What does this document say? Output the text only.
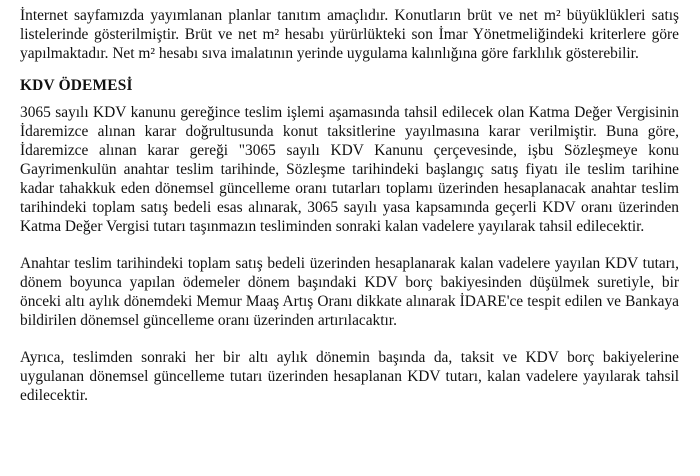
İnternet sayfamızda yayımlanan planlar tanıtım amaçlıdır. Konutların brüt ve net m² büyüklükleri satış listelerinde gösterilmiştir. Brüt ve net m² hesabı yürürlükteki son İmar Yönetmeliğindeki kriterlere göre yapılmaktadır. Net m² hesabı sıva imalatının yerinde uygulama kalınlığına göre farklılık gösterebilir.

KDV ÖDEMESİ

3065 sayılı KDV kanunu gereğince teslim işlemi aşamasında tahsil edilecek olan Katma Değer Vergisinin İdaremizce alınan karar doğrultusunda konut taksitlerine yayılmasına karar verilmiştir. Buna göre, İdaremizce alınan karar gereği "3065 sayılı KDV Kanunu çerçevesinde, işbu Sözleşmeye konu Gayrimenkulün anahtar teslim tarihinde, Sözleşme tarihindeki başlangıç satış fiyatı ile teslim tarihine kadar tahakkuk eden dönemsel güncelleme oranı tutarları toplamı üzerinden hesaplanacak anahtar teslim tarihindeki toplam satış bedeli esas alınarak, 3065 sayılı yasa kapsamında geçerli KDV oranı üzerinden Katma Değer Vergisi tutarı taşınmazın tesliminden sonraki kalan vadelere yayılarak tahsil edilecektir.

Anahtar teslim tarihindeki toplam satış bedeli üzerinden hesaplanarak kalan vadelere yayılan KDV tutarı, dönem boyunca yapılan ödemeler dönem başındaki KDV borç bakiyesinden düşülmek suretiyle, bir önceki altı aylık dönemdeki Memur Maaş Artış Oranı dikkate alınarak İDARE'ce tespit edilen ve Bankaya bildirilen dönemsel güncelleme oranı üzerinden artırılacaktır.

Ayrıca, teslimden sonraki her bir altı aylık dönemin başında da, taksit ve KDV borç bakiyelerine uygulanan dönemsel güncelleme tutarı üzerinden hesaplanan KDV tutarı, kalan vadelere yayılarak tahsil edilecektir.
